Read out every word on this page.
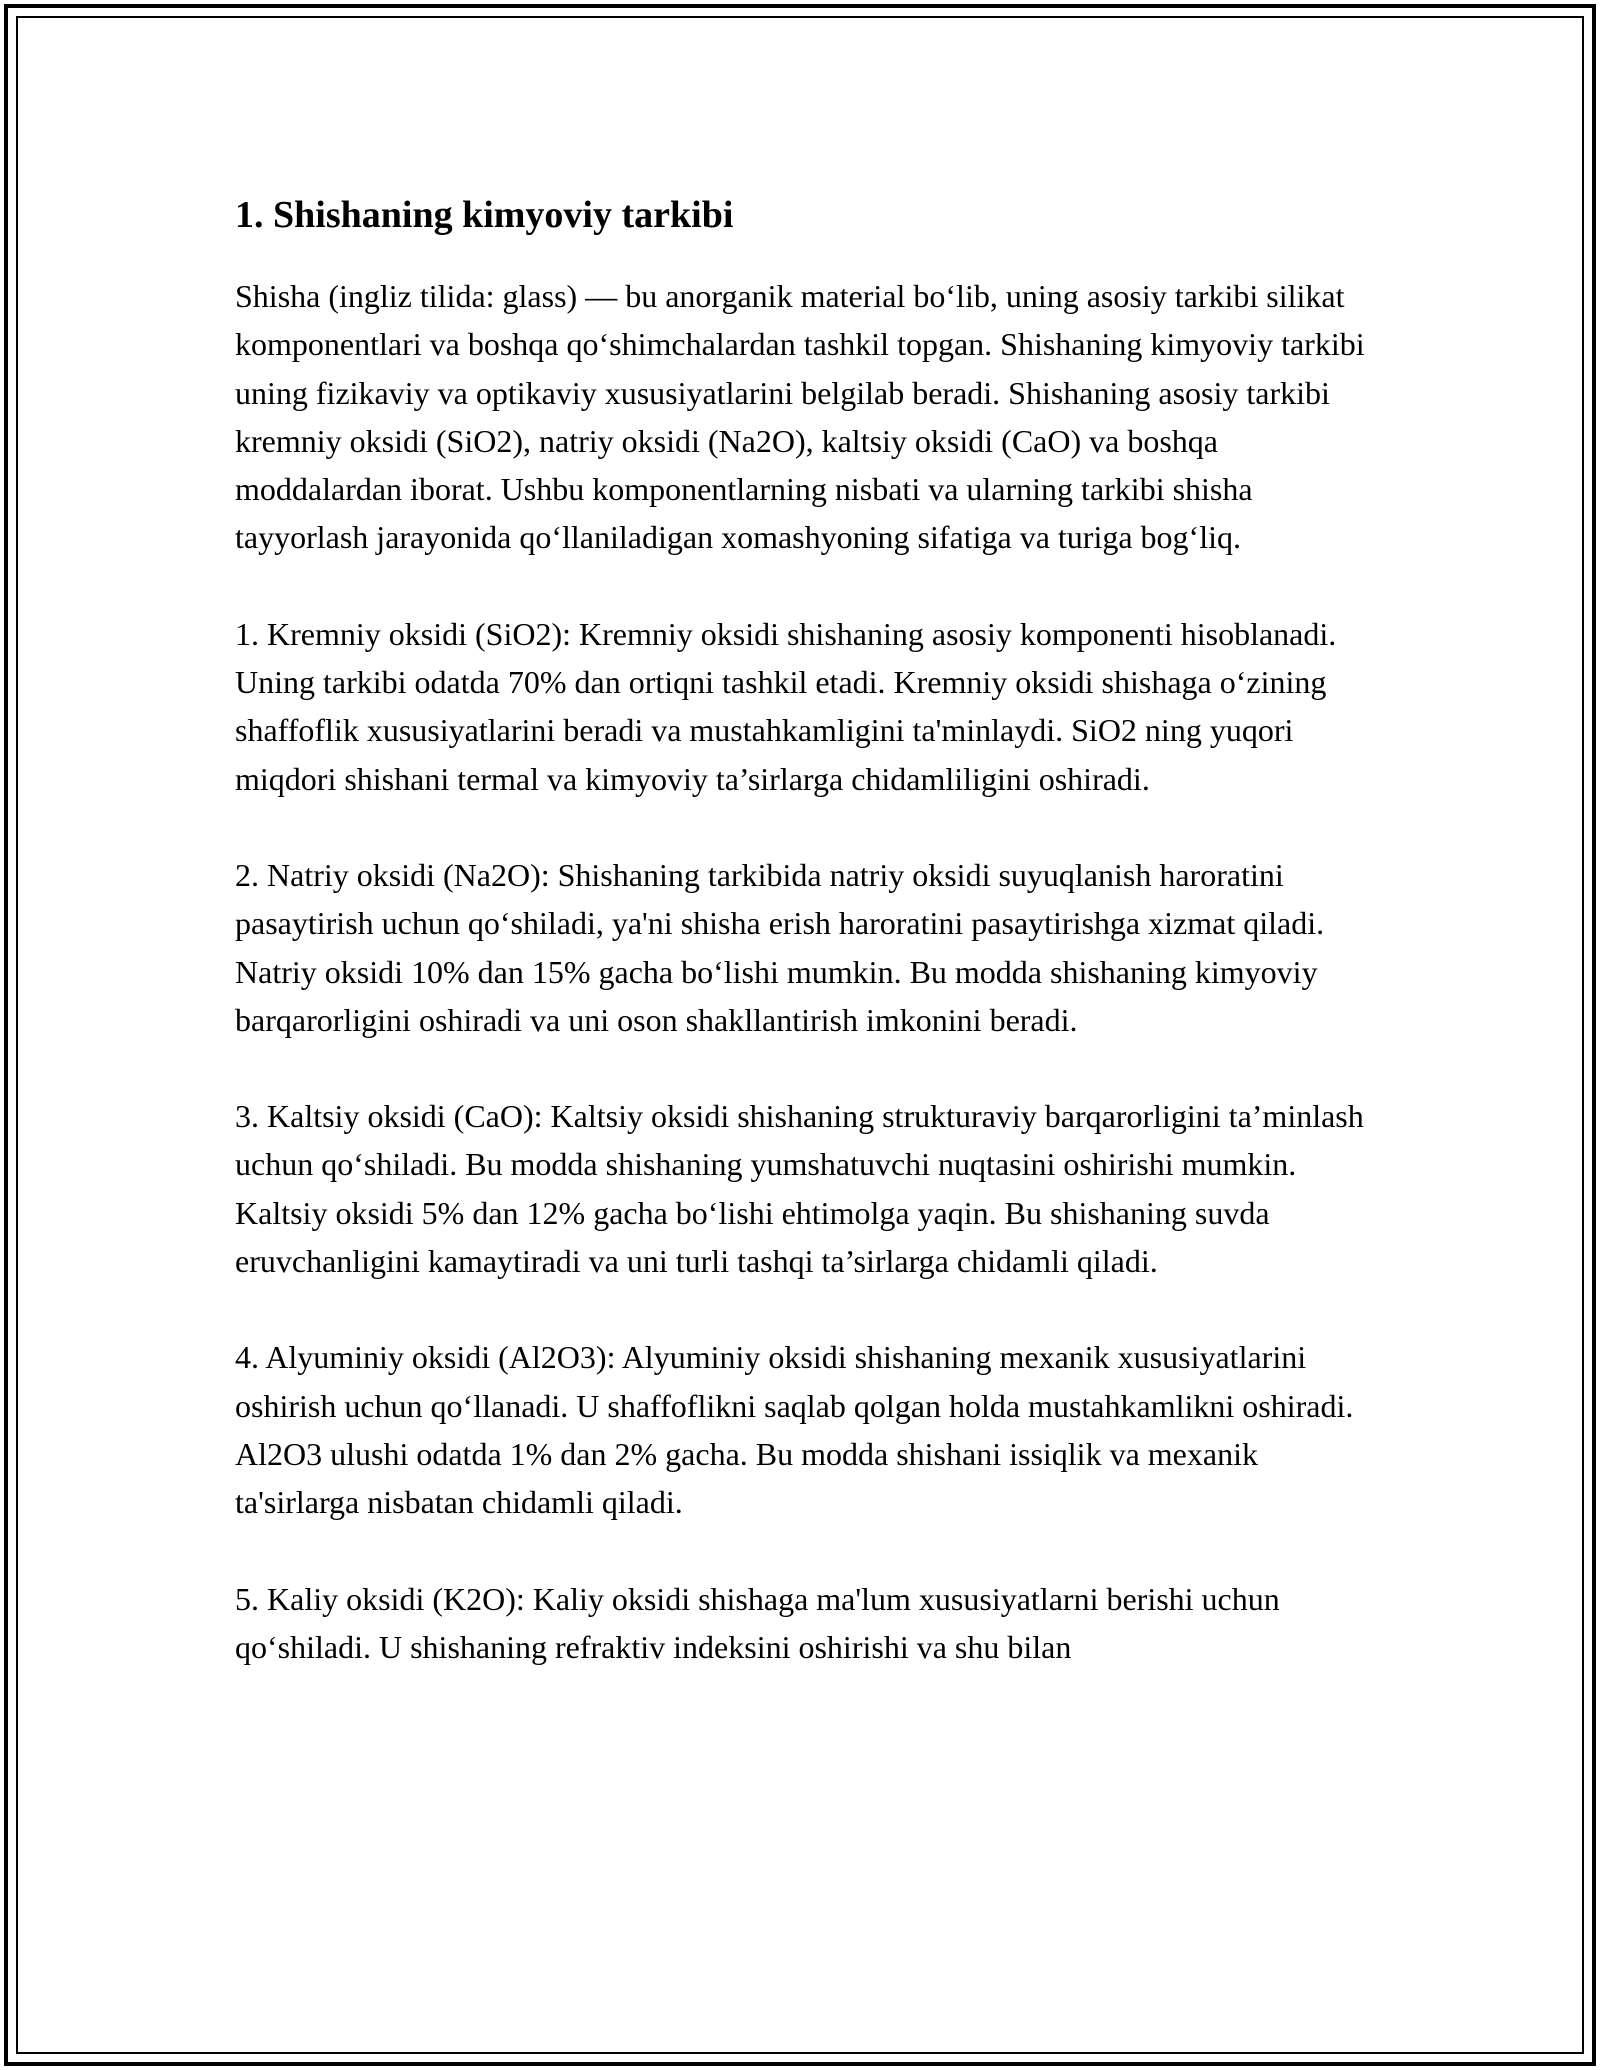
1. Shishaning kimyoviy tarkibi

Shisha (ingliz tilida: glass) — bu anorganik material bo‘lib, uning asosiy tarkibi silikat komponentlari va boshqa qo‘shimchalardan tashkil topgan. Shishaning kimyoviy tarkibi uning fizikaviy va optikaviy xususiyatlarini belgilab beradi. Shishaning asosiy tarkibi kremniy oksidi (SiO2), natriy oksidi (Na2O), kaltsiy oksidi (CaO) va boshqa moddalardan iborat. Ushbu komponentlarning nisbati va ularning tarkibi shisha tayyorlash jarayonida qo‘llaniladigan xomashyoning sifatiga va turiga bog‘liq.

1. Kremniy oksidi (SiO2): Kremniy oksidi shishaning asosiy komponenti hisoblanadi. Uning tarkibi odatda 70% dan ortiqni tashkil etadi. Kremniy oksidi shishaga o‘zining shaffoflik xususiyatlarini beradi va mustahkamligini ta'minlaydi. SiO2 ning yuqori miqdori shishani termal va kimyoviy ta’sirlarga chidamliligini oshiradi.

2. Natriy oksidi (Na2O): Shishaning tarkibida natriy oksidi suyuqlanish haroratini pasaytirish uchun qo‘shiladi, ya'ni shisha erish haroratini pasaytirishga xizmat qiladi. Natriy oksidi 10% dan 15% gacha bo‘lishi mumkin. Bu modda shishaning kimyoviy barqarorligini oshiradi va uni oson shakllantirish imkonini beradi.

3. Kaltsiy oksidi (CaO): Kaltsiy oksidi shishaning strukturaviy barqarorligini ta’minlash uchun qo‘shiladi. Bu modda shishaning yumshatuvchi nuqtasini oshirishi mumkin. Kaltsiy oksidi 5% dan 12% gacha bo‘lishi ehtimolga yaqin. Bu shishaning suvda eruvchanligini kamaytiradi va uni turli tashqi ta’sirlarga chidamli qiladi.

4. Alyuminiy oksidi (Al2O3): Alyuminiy oksidi shishaning mexanik xususiyatlarini oshirish uchun qo‘llanadi. U shaffoflikni saqlab qolgan holda mustahkamlikni oshiradi. Al2O3 ulushi odatda 1% dan 2% gacha. Bu modda shishani issiqlik va mexanik ta'sirlarga nisbatan chidamli qiladi.

5. Kaliy oksidi (K2O): Kaliy oksidi shishaga ma'lum xususiyatlarni berishi uchun qo‘shiladi. U shishaning refraktiv indeksini oshirishi va shu bilan
